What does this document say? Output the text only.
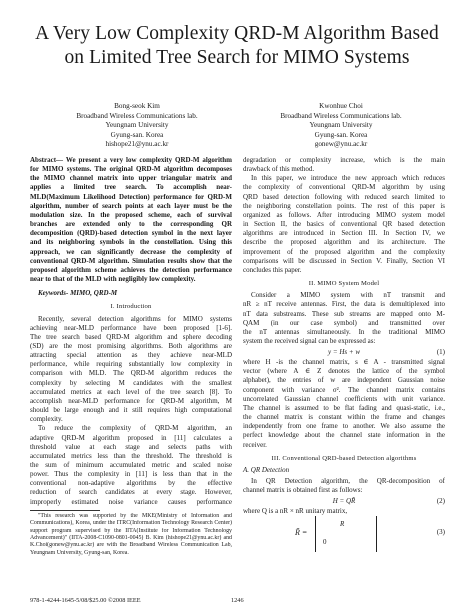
A Very Low Complexity QRD-M Algorithm Based
on Limited Tree Search for MIMO Systems
Bong-seok Kim
Broadband Wireless Communications lab.
Yeungnam University
Gyung-san. Korea
hishope21@ynu.ac.kr
Kwonhue Choi
Broadband Wireless Communications lab.
Yeungnam University
Gyung-san. Korea
gonew@ynu.ac.kr
Abstract— We present a very low complexity QRD-M algorithm
for MIMO systems. The original QRD-M algorithm decomposes
the MIMO channel matrix into upper triangular matrix and
applies a limited tree search. To accomplish near-
MLD(Maximum Likelihood Detection) performance for QRD-M
algorithm, number of search points at each layer must be the
modulation size. In the proposed scheme, each of survival
branches are extended only to the corresponding QR
decomposition (QRD)-based detection symbol in the next layer
and its neighboring symbols in the constellation. Using this
approach, we can significantly decrease the complexity of
conventional QRD-M algorithm. Simulation results show that the
proposed algorithm scheme achieves the detection performance
near to that of the MLD with negligibly low complexity.
Keywords- MIMO, QRD-M
I. Introduction
Recently, several detection algorithms for MIMO systems
achieving near-MLD performance have been proposed [1-6].
The tree search based QRD-M algorithm and sphere decoding
(SD) are the most promising algorithms. Both algorithms are
attracting special attention as they achieve near-MLD
performance, while requiring substantially low complexity in
comparison with MLD. The QRD-M algorithm reduces the
complexity by selecting M candidates with the smallest
accumulated metrics at each level of the tree search [8]. To
accomplish near-MLD performance for QRD-M algorithm, M
should be large enough and it still requires high computational
complexity.
To reduce the complexity of QRD-M algorithm, an
adaptive QRD-M algorithm proposed in [11] calculates a
threshold value at each stage and selects paths with
accumulated metrics less than the threshold. The threshold is
the sum of minimum accumulated metric and scaled noise
power. Thus the complexity in [11] is less than that in the
conventional non-adaptive algorithms by the effective
reduction of search candidates at every stage. However,
improperly estimated noise variance causes performance
"This research was supported by the MKE(Ministry of Information and
Communications), Korea, under the ITRC(Information Technology Research Center)
support program supervised by the IITA(Institute for Information Technology
Advancement)" (IITA-2008-C1090-0801-0045) B. Kim (hishope21@ynu.ac.kr) and
K.Choi(gonew@ynu.ac.kr) are with the Broadband Wireless Communication Lab,
Yeungnam University, Gyung-san, Korea.
degradation or complexity increase, which is the main
drawback of this method.
In this paper, we introduce the new approach which reduces
the complexity of conventional QRD-M algorithm by using
QRD based detection following with reduced search limited to
the neighboring constellation points. The rest of this paper is
organized as follows. After introducing MIMO system model
in Section II, the basics of conventional QR based detection
algorithms are introduced in Section III. In Section IV, we
describe the proposed algorithm and its architecture. The
improvement of the proposed algorithm and the complexity
comparisons will be discussed in Section V. Finally, Section VI
concludes this paper.
II. MIMO System Model
Consider a MIMO system with nT transmit and
nR ≥ nT receive antennas. First, the data is demultiplexed into
nT data substreams. These sub streams are mapped onto M-
QAM (in our case symbol) and transmitted over
the nT antennas simultaneously. In the traditional MIMO
system the received signal can be expressed as:
y = Hs + w	(1)
where H -is the channel matrix, s ∈ A - transmitted signal
vector (where A ∈ Z denotes the lattice of the symbol
alphabet), the entries of w are independent Gaussian noise
component with variance σ². The channel matrix contains
uncorrelated Gaussian channel coefficients with unit variance.
The channel is assumed to be flat fading and quasi-static, i.e.,
the channel matrix is constant within the frame and changes
independently from one frame to another. We also assume the
perfect knowledge about the channel state information in the
receiver.
III. Conventional QRD-based Detection algorithms
A. QR Detection
In QR Detection algorithm, the QR-decomposition of
channel matrix is obtained first as follows:
H = QR̃	(2)
where Q is a nR × nR unitary matrix,
R̃ =
R
0
(3)
978-1-4244-1645-5/08/$25.00 ©2008 IEEE	1246
